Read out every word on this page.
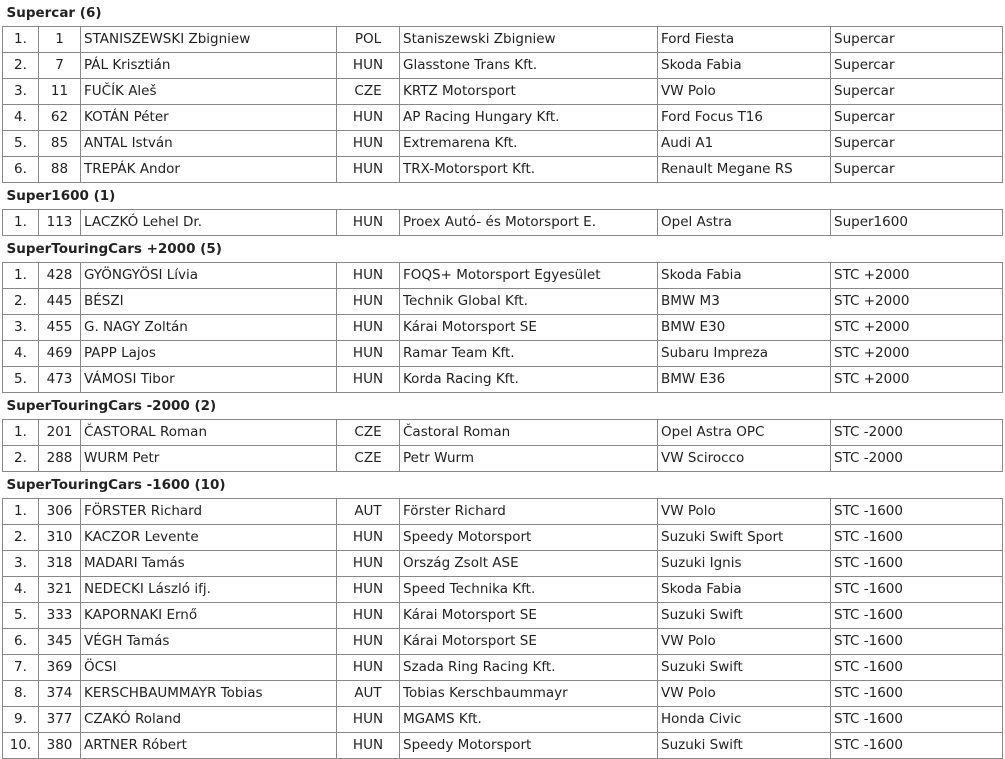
Supercar (6)						
1.	1	STANISZEWSKI Zbigniew	POL	Staniszewski Zbigniew	Ford Fiesta	Supercar
2.	7	PÁL Krisztián	HUN	Glasstone Trans Kft.	Skoda Fabia	Supercar
3.	11	FUČÍK Aleš	CZE	KRTZ Motorsport	VW Polo	Supercar
4.	62	KOTÁN Péter	HUN	AP Racing Hungary Kft.	Ford Focus T16	Supercar
5.	85	ANTAL István	HUN	Extremarena Kft.	Audi A1	Supercar
6.	88	TREPÁK Andor	HUN	TRX-Motorsport Kft.	Renault Megane RS	Supercar
Super1600 (1)						
1.	113	LACZKÓ Lehel Dr.	HUN	Proex Autó- és Motorsport E.	Opel Astra	Super1600
SuperTouringCars +2000 (5)						
1.	428	GYÖNGYÖSI Lívia	HUN	FOQS+ Motorsport Egyesület	Skoda Fabia	STC +2000
2.	445	BÉSZI	HUN	Technik Global Kft.	BMW M3	STC +2000
3.	455	G. NAGY Zoltán	HUN	Kárai Motorsport SE	BMW E30	STC +2000
4.	469	PAPP Lajos	HUN	Ramar Team Kft.	Subaru Impreza	STC +2000
5.	473	VÁMOSI Tibor	HUN	Korda Racing Kft.	BMW E36	STC +2000
SuperTouringCars -2000 (2)						
1.	201	ČASTORAL Roman	CZE	Častoral Roman	Opel Astra OPC	STC -2000
2.	288	WURM Petr	CZE	Petr Wurm	VW Scirocco	STC -2000
SuperTouringCars -1600 (10)						
1.	306	FÖRSTER Richard	AUT	Förster Richard	VW Polo	STC -1600
2.	310	KACZOR Levente	HUN	Speedy Motorsport	Suzuki Swift Sport	STC -1600
3.	318	MADARI Tamás	HUN	Ország Zsolt ASE	Suzuki Ignis	STC -1600
4.	321	NEDECKI László ifj.	HUN	Speed Technika Kft.	Skoda Fabia	STC -1600
5.	333	KAPORNAKI Ernő	HUN	Kárai Motorsport SE	Suzuki Swift	STC -1600
6.	345	VÉGH Tamás	HUN	Kárai Motorsport SE	VW Polo	STC -1600
7.	369	ÖCSI	HUN	Szada Ring Racing Kft.	Suzuki Swift	STC -1600
8.	374	KERSCHBAUMMAYR Tobias	AUT	Tobias Kerschbaummayr	VW Polo	STC -1600
9.	377	CZAKÓ Roland	HUN	MGAMS Kft.	Honda Civic	STC -1600
10.	380	ARTNER Róbert	HUN	Speedy Motorsport	Suzuki Swift	STC -1600
